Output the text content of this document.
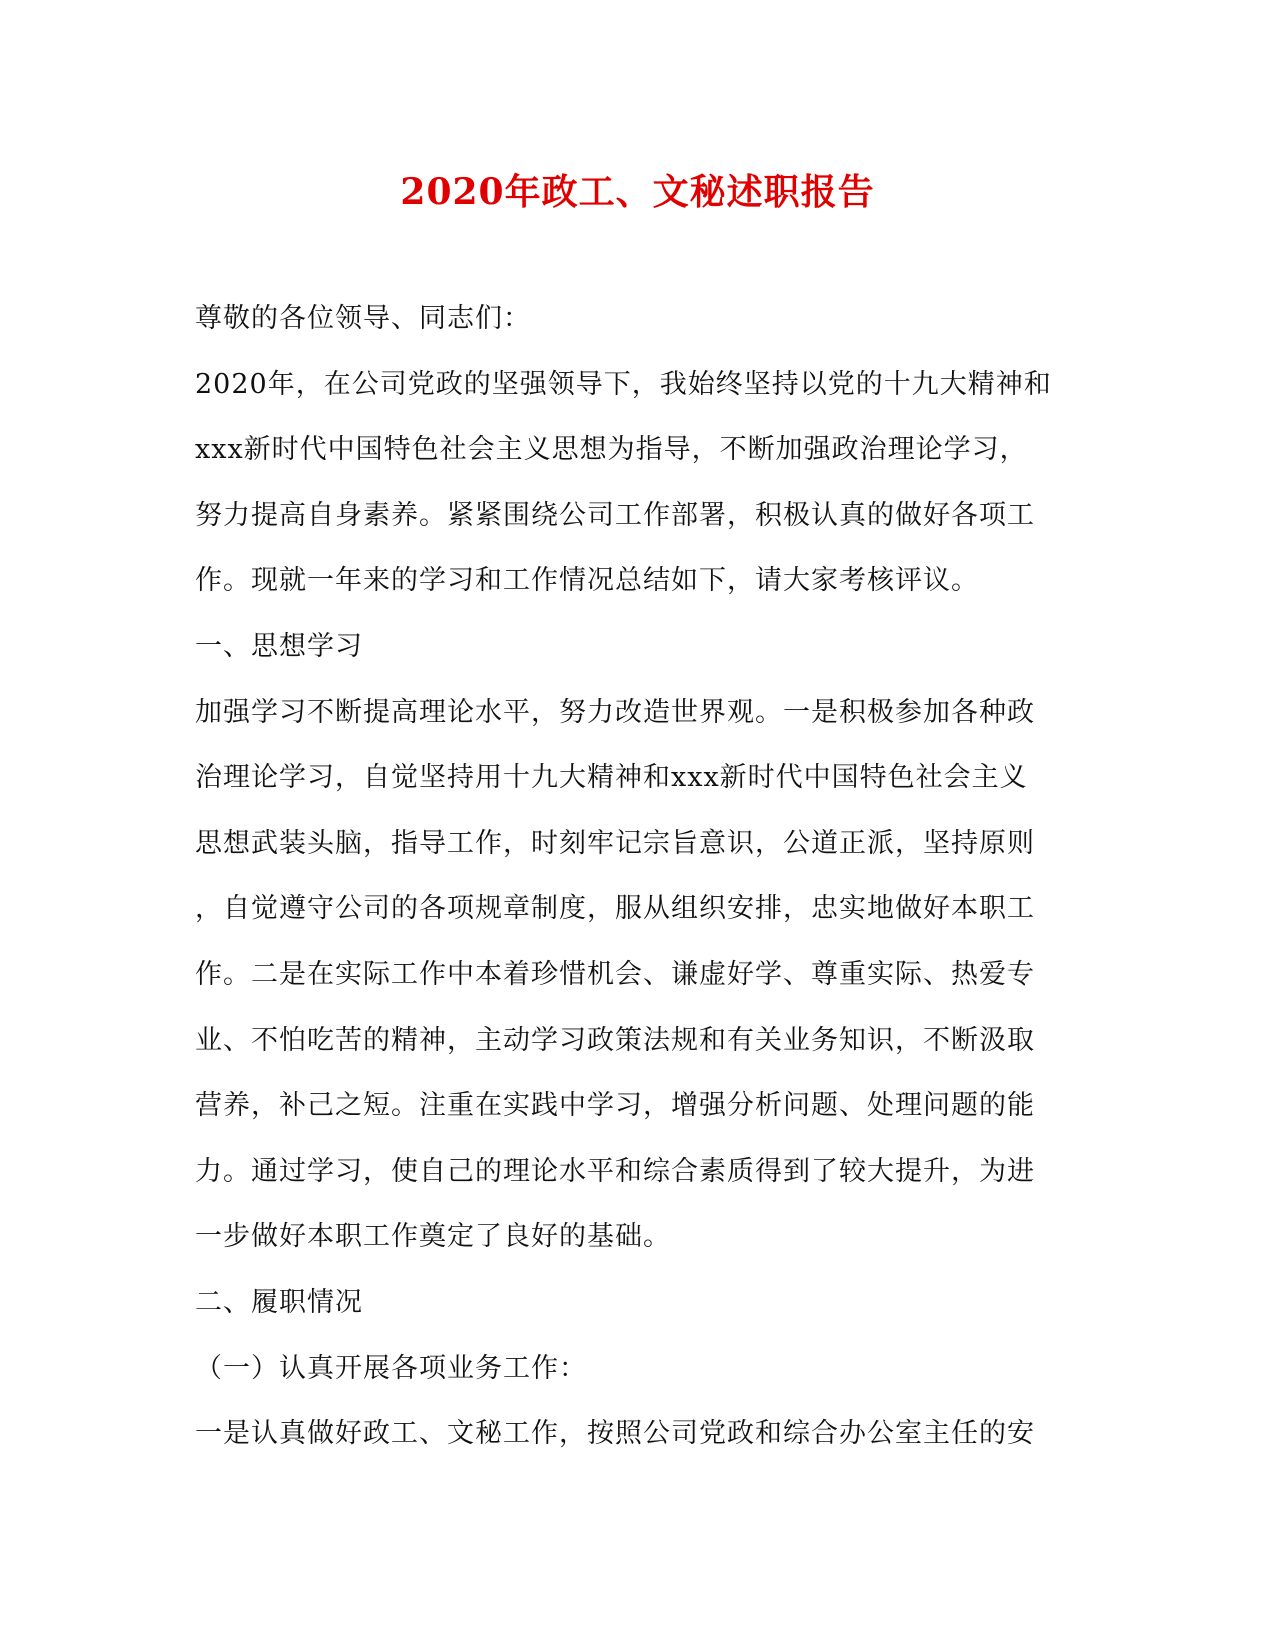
2020年政工、文秘述职报告
尊敬的各位领导、同志们：
2020年，在公司党政的坚强领导下，我始终坚持以党的十九大精神和
xxx新时代中国特色社会主义思想为指导，不断加强政治理论学习，
努力提高自身素养。紧紧围绕公司工作部署，积极认真的做好各项工
作。现就一年来的学习和工作情况总结如下，请大家考核评议。
一、思想学习
加强学习不断提高理论水平，努力改造世界观。一是积极参加各种政
治理论学习，自觉坚持用十九大精神和xxx新时代中国特色社会主义
思想武装头脑，指导工作，时刻牢记宗旨意识，公道正派，坚持原则
，自觉遵守公司的各项规章制度，服从组织安排，忠实地做好本职工
作。二是在实际工作中本着珍惜机会、谦虚好学、尊重实际、热爱专
业、不怕吃苦的精神，主动学习政策法规和有关业务知识，不断汲取
营养，补己之短。注重在实践中学习，增强分析问题、处理问题的能
力。通过学习，使自己的理论水平和综合素质得到了较大提升，为进
一步做好本职工作奠定了良好的基础。
二、履职情况
（一）认真开展各项业务工作：
一是认真做好政工、文秘工作，按照公司党政和综合办公室主任的安
